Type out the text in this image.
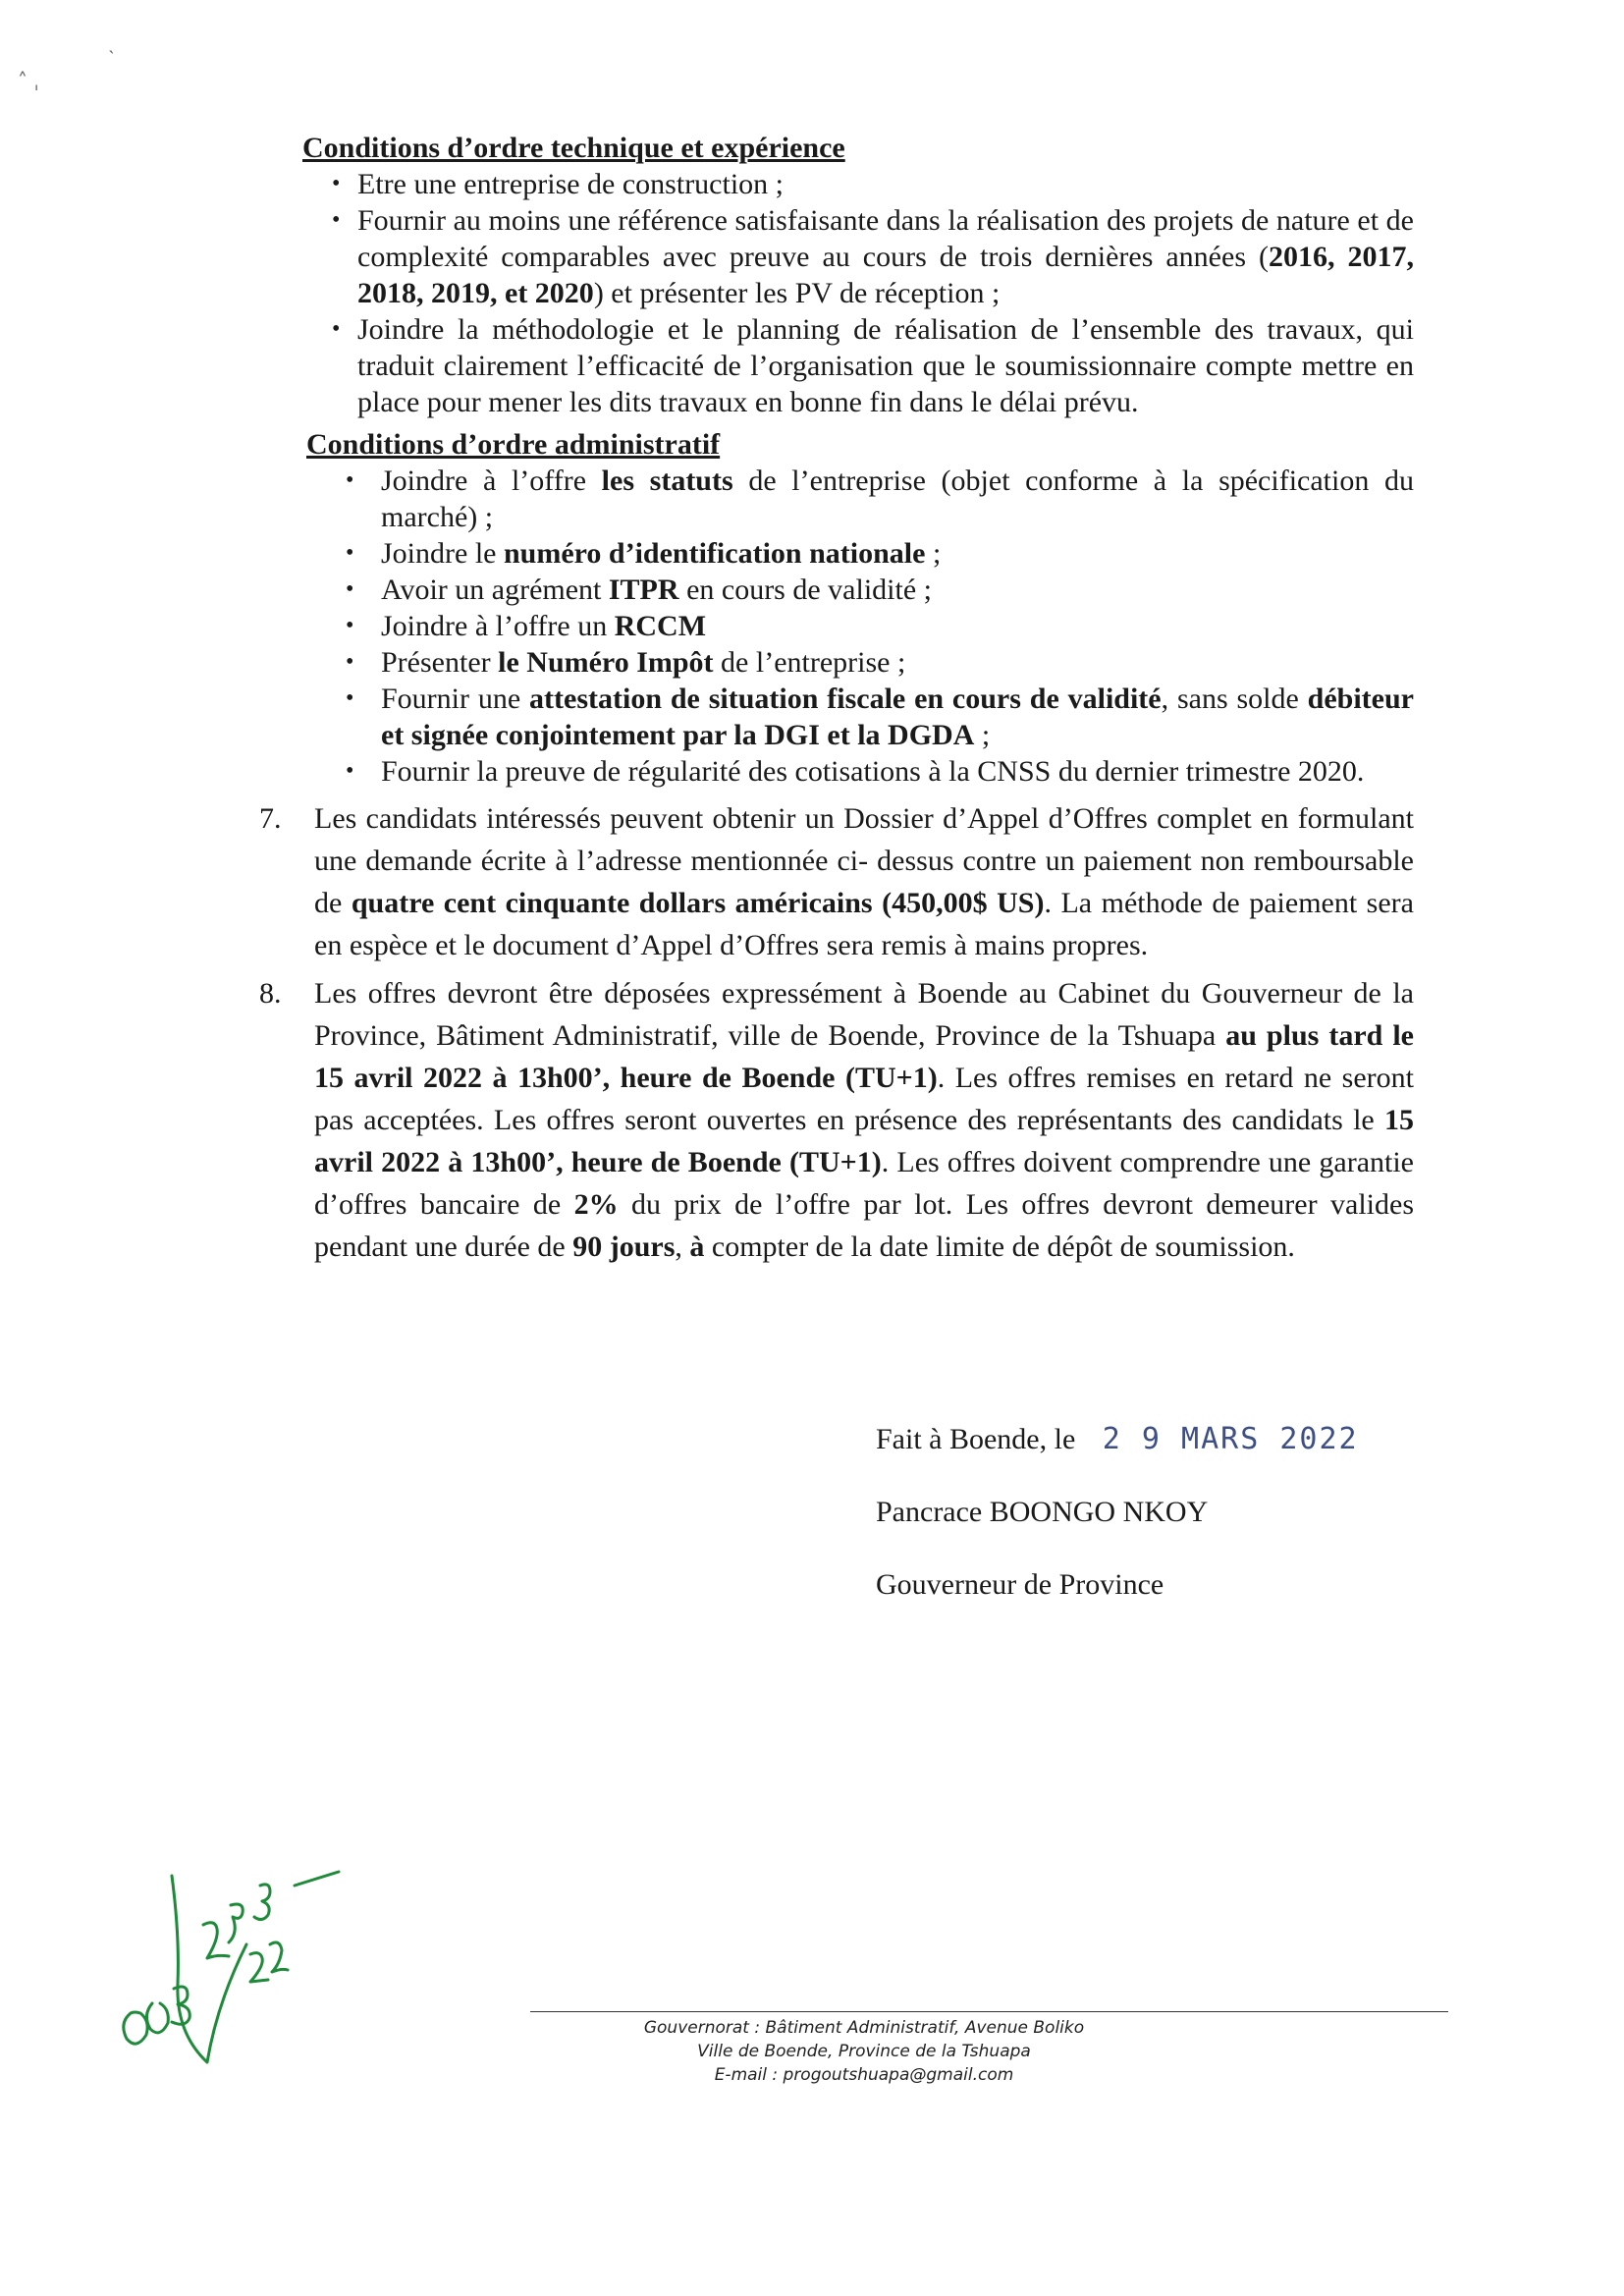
˄ ˌ
˴
Conditions d’ordre technique et expérience
• Etre une entreprise de construction ;
• Fournir au moins une référence satisfaisante dans la réalisation des projets de nature et de complexité comparables avec preuve au cours de trois dernières années (2016, 2017, 2018, 2019, et 2020) et présenter les PV de réception ;
• Joindre la méthodologie et le planning de réalisation de l’ensemble des travaux, qui traduit clairement l’efficacité de l’organisation que le soumissionnaire compte mettre en place pour mener les dits travaux en bonne fin dans le délai prévu.
Conditions d’ordre administratif
• Joindre à l’offre les statuts de l’entreprise (objet conforme à la spécification du marché) ;
• Joindre le numéro d’identification nationale ;
• Avoir un agrément ITPR en cours de validité ;
• Joindre à l’offre un RCCM
• Présenter le Numéro Impôt de l’entreprise ;
• Fournir une attestation de situation fiscale en cours de validité, sans solde débiteur et signée conjointement par la DGI et la DGDA ;
• Fournir la preuve de régularité des cotisations à la CNSS du dernier trimestre 2020.
7. Les candidats intéressés peuvent obtenir un Dossier d’Appel d’Offres complet en formulant une demande écrite à l’adresse mentionnée ci- dessus contre un paiement non remboursable de quatre cent cinquante dollars américains (450,00$ US). La méthode de paiement sera en espèce et le document d’Appel d’Offres sera remis à mains propres.
8. Les offres devront être déposées expressément à Boende au Cabinet du Gouverneur de la Province, Bâtiment Administratif, ville de Boende, Province de la Tshuapa au plus tard le 15 avril 2022 à 13h00’, heure de Boende (TU+1). Les offres remises en retard ne seront pas acceptées. Les offres seront ouvertes en présence des représentants des candidats le 15 avril 2022 à 13h00’, heure de Boende (TU+1). Les offres doivent comprendre une garantie d’offres bancaire de 2% du prix de l’offre par lot. Les offres devront demeurer valides pendant une durée de 90 jours, à compter de la date limite de dépôt de soumission.
Fait à Boende, le 2 9 MARS 2022
Pancrace BOONGO NKOY
Gouverneur de Province
Gouvernorat : Bâtiment Administratif, Avenue Boliko
Ville de Boende, Province de la Tshuapa
E-mail : progoutshuapa@gmail.com
